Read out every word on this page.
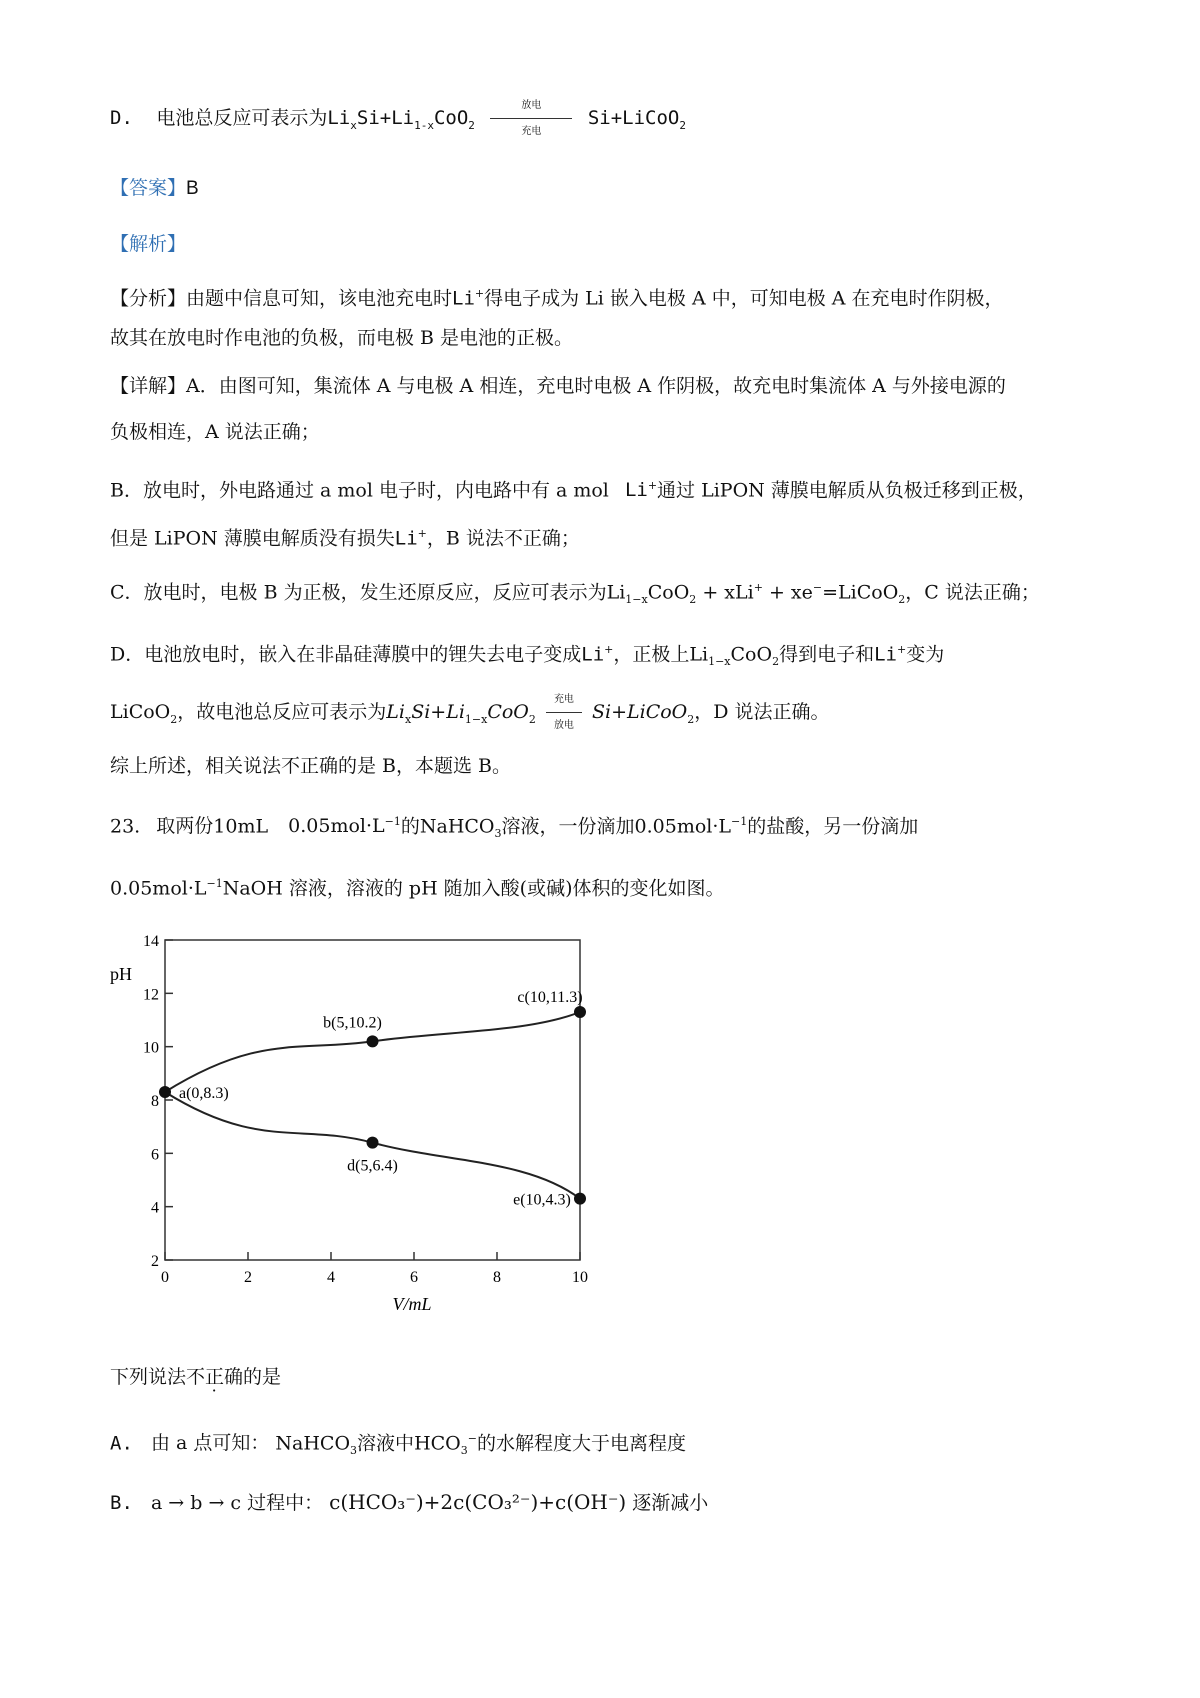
D. 电池总反应可表示为$Li_xSi+Li_{1-x}CoO_2$
放电
充电
Si+LiCoO$_2$
【答案】B
【解析】
【分析】由题中信息可知，该电池充电时Li+得电子成为 Li 嵌入电极 A 中，可知电极 A 在充电时作阴极，
故其在放电时作电池的负极，而电极 B 是电池的正极。
【详解】A．由图可知，集流体 A 与电极 A 相连，充电时电极 A 作阴极，故充电时集流体 A 与外接电源的
负极相连，A 说法正确；
B．放电时，外电路通过 a mol 电子时，内电路中有 a mol Li+通过 LiPON 薄膜电解质从负极迁移到正极，
但是 LiPON 薄膜电解质没有损失Li+，B 说法不正确；
C．放电时，电极 B 为正极，发生还原反应，反应可表示为$Li_{1-x}CoO_2 + xLi^+$ + xe−=LiCoO$_2$，C 说法正确；
D．电池放电时，嵌入在非晶硅薄膜中的锂失去电子变成Li+，正极上$Li_{1-x}CoO_2$得到电子和Li+变为
LiCoO$_2$，故电池总反应可表示为$Li_xSi+Li_{1-x}CoO_2$
充电
放电
Si+LiCoO$_2$，D 说法正确。
综上所述，相关说法不正确的是 B，本题选 B。
23. 取两份10mL $0.05mol\cdot L^{-1}$的NaHCO$_3$溶液，一份滴加$0.05mol\cdot L^{-1}$的盐酸，另一份滴加
$0.05mol\cdot L^{-1}NaOH$ 溶液，溶液的 pH 随加入酸(或碱)体积的变化如图。
0	2	4	6	8	10
2
4
6
8
10
12
14
pH
V/mL
a(0,8.3)
b(5,10.2)
c(10,11.3)
d(5,6.4)
e(10,4.3)
下列说法不正确的是
A. 由 a 点可知： NaHCO$_3$溶液中$HCO_3^-$的水解程度大于电离程度
B. a → b → c 过程中： c(HCO₃⁻)+2c(CO₃²⁻)+c(OH⁻) 逐渐减小
